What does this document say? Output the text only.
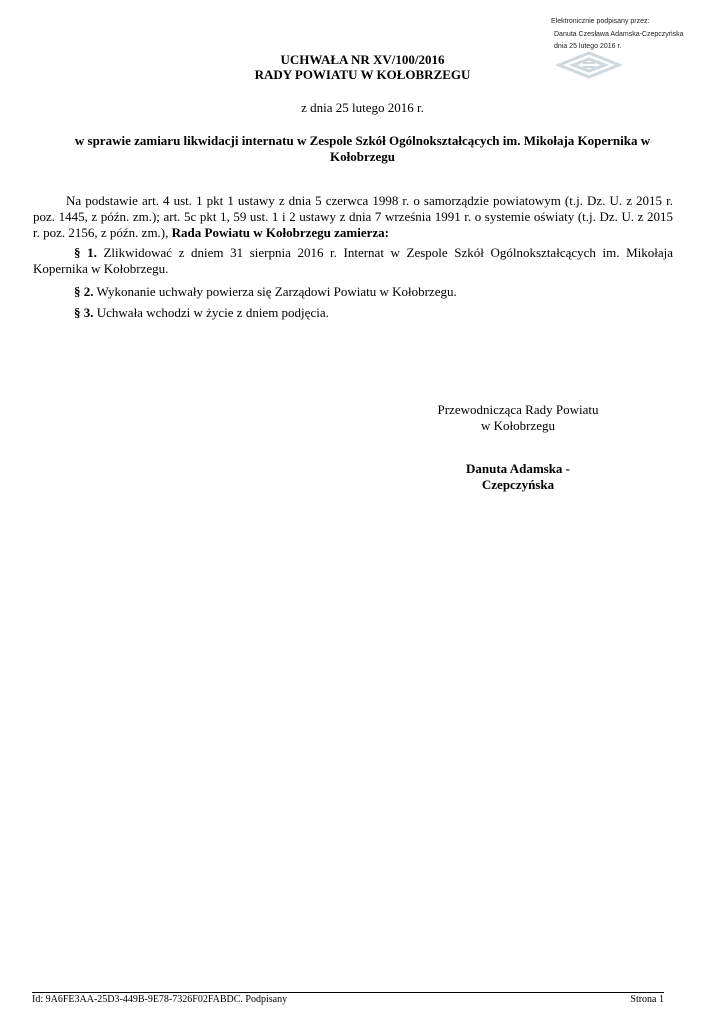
Elektronicznie podpisany przez:
Danuta Czesława Adamska-Czepczyńska
dnia 25 lutego 2016 r.
UCHWAŁA NR XV/100/2016
RADY POWIATU W KOŁOBRZEGU
z dnia 25 lutego 2016 r.
w sprawie zamiaru likwidacji internatu w Zespole Szkół Ogólnokształcących im. Mikołaja Kopernika w Kołobrzegu
Na podstawie art. 4 ust. 1 pkt 1 ustawy z dnia 5 czerwca 1998 r. o samorządzie powiatowym (t.j. Dz. U. z 2015 r. poz. 1445, z późn. zm.); art. 5c pkt 1, 59 ust. 1 i 2 ustawy z dnia 7 września 1991 r. o systemie oświaty (t.j. Dz. U. z 2015 r. poz. 2156, z późn. zm.), Rada Powiatu w Kołobrzegu zamierza:
§ 1. Zlikwidować z dniem 31 sierpnia 2016 r. Internat w Zespole Szkół Ogólnokształcących im. Mikołaja Kopernika w Kołobrzegu.
§ 2. Wykonanie uchwały powierza się Zarządowi Powiatu w Kołobrzegu.
§ 3. Uchwała wchodzi w życie z dniem podjęcia.
Przewodnicząca Rady Powiatu
w Kołobrzegu
Danuta Adamska -
Czepczyńska
Id: 9A6FE3AA-25D3-449B-9E78-7326F02FABDC. Podpisany	Strona 1
